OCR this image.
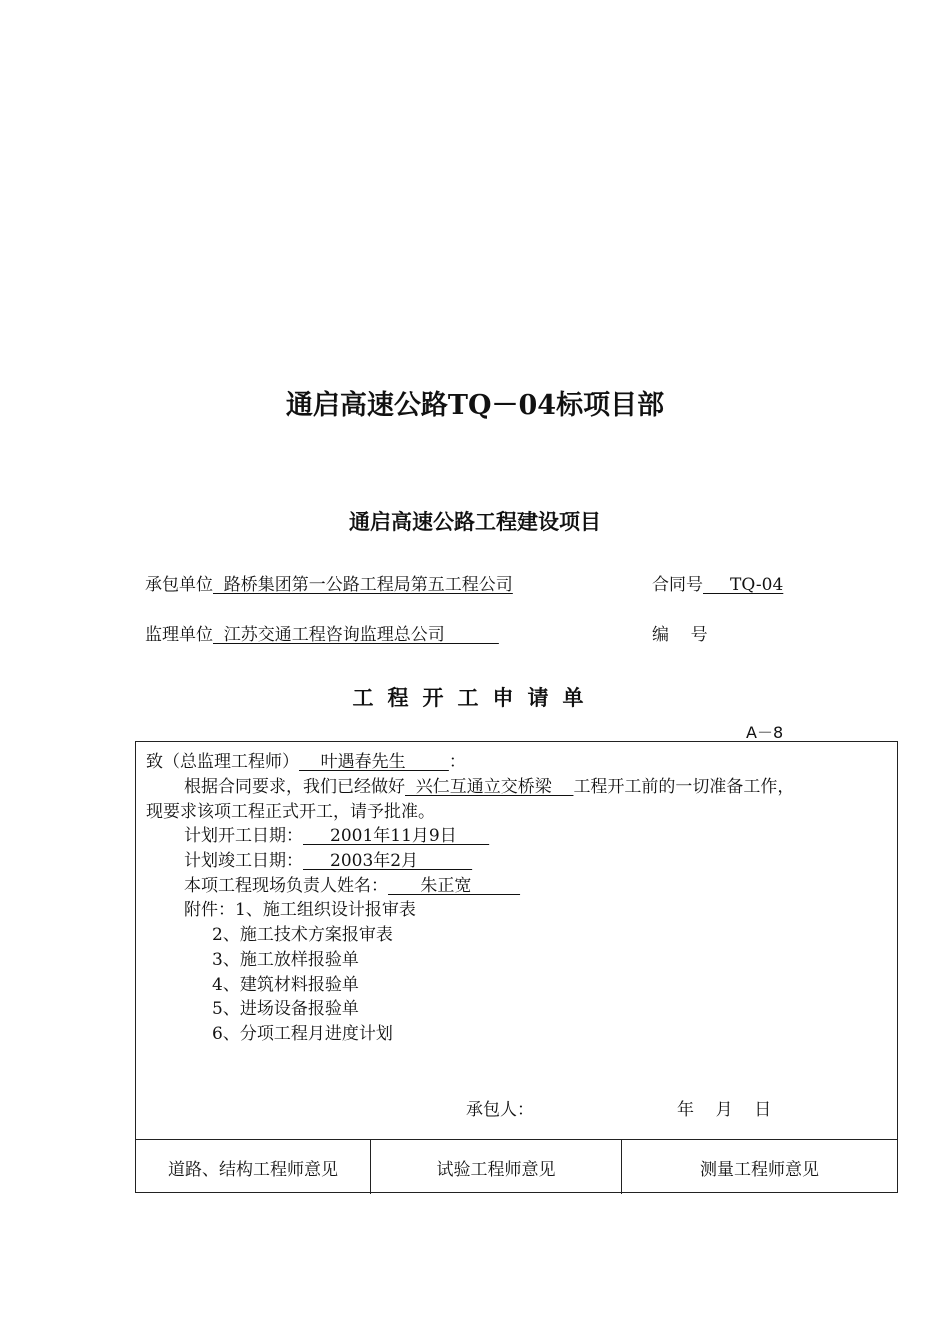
通启高速公路TQ－04标项目部
通启高速公路工程建设项目
承包单位  路桥集团第一公路工程局第五工程公司	合同号     TQ-04
监理单位  江苏交通工程咨询监理总公司	编    号
工程开工申请单
A－8
致（总监理工程师）    叶遇春先生        ：
根据合同要求，我们已经做好  兴仁互通立交桥梁    工程开工前的一切准备工作，
现要求该项工程正式开工，请予批准。
计划开工日期：     2001年11月9日
计划竣工日期：     2003年2月
本项工程现场负责人姓名：      朱正宽
附件：1、施工组织设计报审表
2、施工技术方案报审表
3、施工放样报验单
4、建筑材料报验单
5、进场设备报验单
6、分项工程月进度计划
承包人：	年    月    日
道路、结构工程师意见	试验工程师意见	测量工程师意见
